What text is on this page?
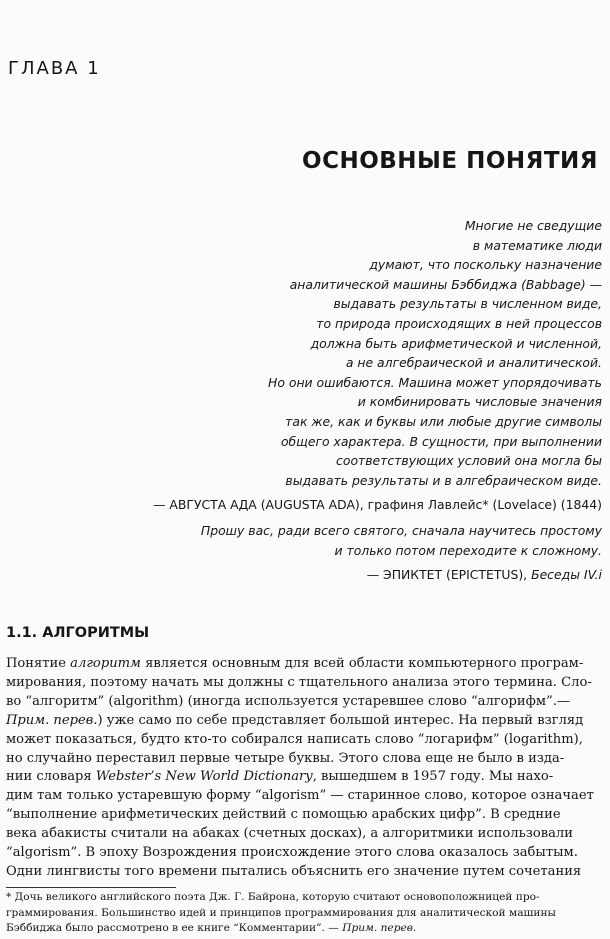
ГЛАВА 1
ОСНОВНЫЕ ПОНЯТИЯ
Многие не сведущие
в математике люди
думают, что поскольку назначение
аналитической машины Бэббиджа (Babbage) —
выдавать результаты в численном виде,
то природа происходящих в ней процессов
должна быть арифметической и численной,
а не алгебраической и аналитической.
Но они ошибаются. Машина может упорядочивать
и комбинировать числовые значения
так же, как и буквы или любые другие символы
общего характера. В сущности, при выполнении
соответствующих условий она могла бы
выдавать результаты и в алгебраическом виде.
— АВГУСТА АДА (AUGUSTA ADA), графиня Лавлейс* (Lovelace) (1844)
Прошу вас, ради всего святого, сначала научитесь простому
и только потом переходите к сложному.
— ЭПИКТЕТ (EPICTETUS), Беседы IV.i
1.1. АЛГОРИТМЫ
Понятие алгоритм является основным для всей области компьютерного програм-
мирования, поэтому начать мы должны с тщательного анализа этого термина. Сло-
во “алгоритм” (algorithm) (иногда используется устаревшее слово “алгорифм”.—
Прим. перев.) уже само по себе представляет большой интерес. На первый взгляд
может показаться, будто кто-то собирался написать слово “логарифм” (logarithm),
но случайно переставил первые четыре буквы. Этого слова еще не было в изда-
нии словаря Webster’s New World Dictionary, вышедшем в 1957 году. Мы нахо-
дим там только устаревшую форму “algorism” — старинное слово, которое означает
“выполнение арифметических действий с помощью арабских цифр”. В средние
века абакисты считали на абаках (счетных досках), а алгоритмики использовали
“algorism”. В эпоху Возрождения происхождение этого слова оказалось забытым.
Одни лингвисты того времени пытались объяснить его значение путем сочетания
* Дочь великого английского поэта Дж. Г. Байрона, которую считают основоположницей про-
граммирования. Большинство идей и принципов программирования для аналитической машины
Бэббиджа было рассмотрено в ее книге “Комментарии”. — Прим. перев.
